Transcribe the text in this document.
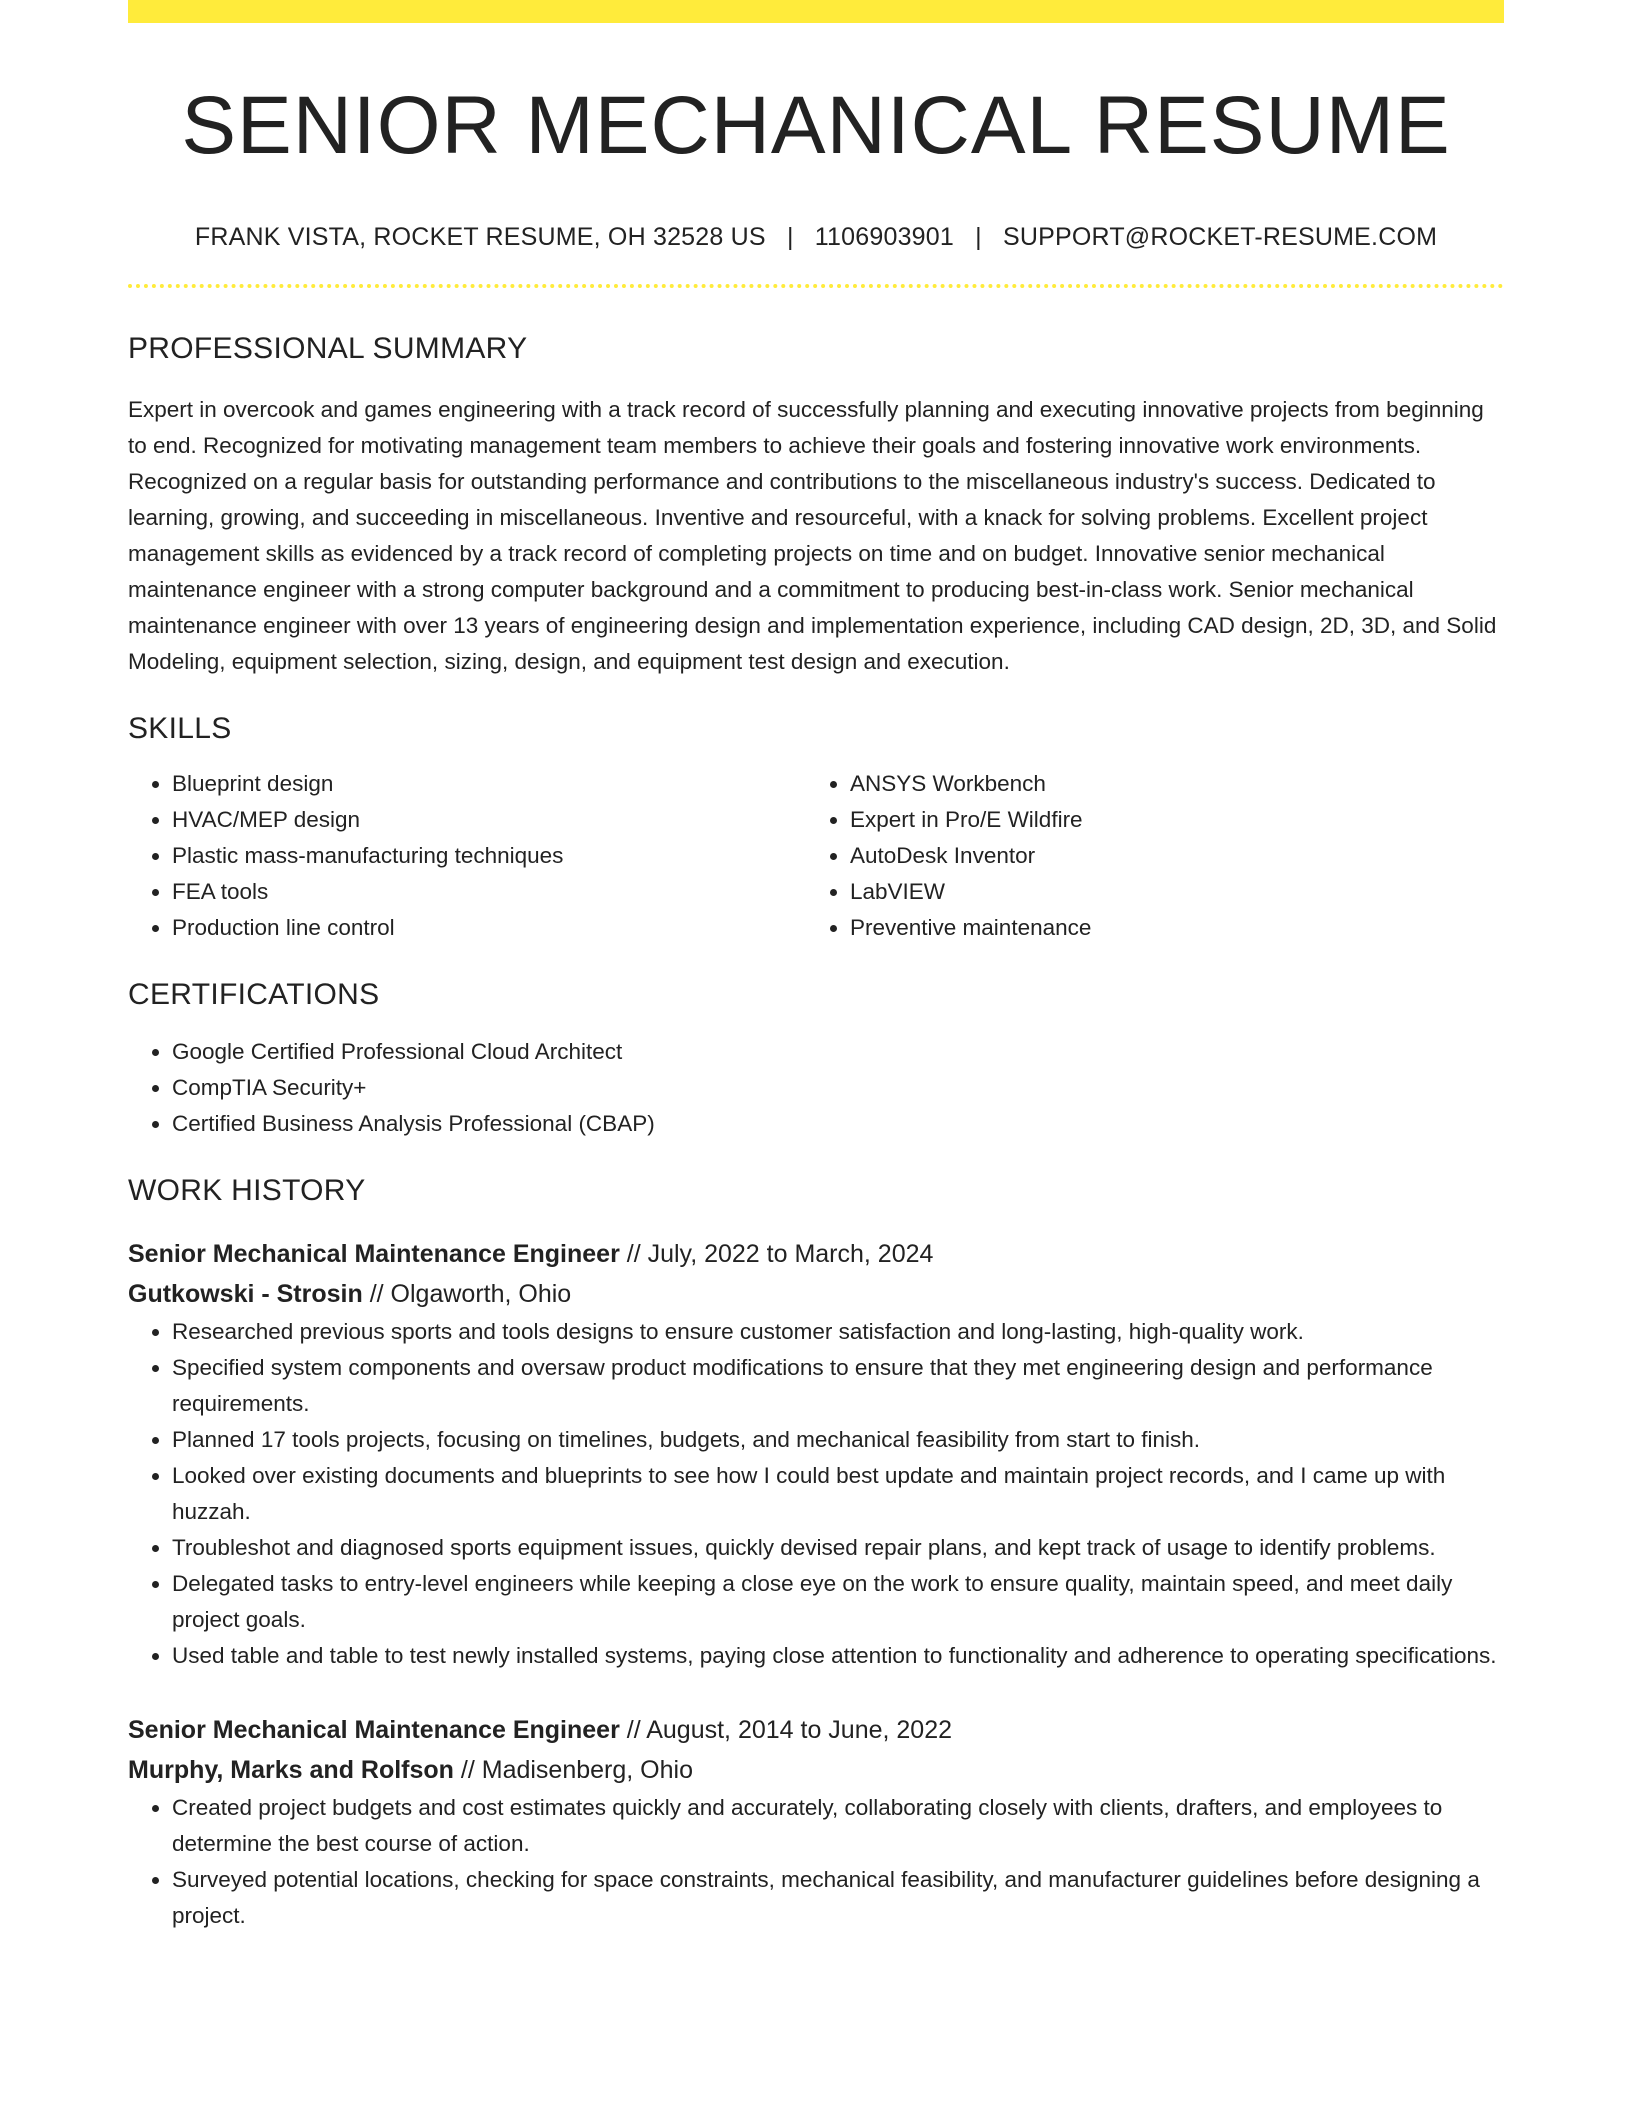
SENIOR MECHANICAL RESUME
FRANK VISTA, ROCKET RESUME, OH 32528 US | 1106903901 | SUPPORT@ROCKET-RESUME.COM
PROFESSIONAL SUMMARY
Expert in overcook and games engineering with a track record of successfully planning and executing innovative projects from beginning to end. Recognized for motivating management team members to achieve their goals and fostering innovative work environments. Recognized on a regular basis for outstanding performance and contributions to the miscellaneous industry's success. Dedicated to learning, growing, and succeeding in miscellaneous. Inventive and resourceful, with a knack for solving problems. Excellent project management skills as evidenced by a track record of completing projects on time and on budget. Innovative senior mechanical maintenance engineer with a strong computer background and a commitment to producing best-in-class work. Senior mechanical maintenance engineer with over 13 years of engineering design and implementation experience, including CAD design, 2D, 3D, and Solid Modeling, equipment selection, sizing, design, and equipment test design and execution.
SKILLS
• Blueprint design
• HVAC/MEP design
• Plastic mass-manufacturing techniques
• FEA tools
• Production line control
• ANSYS Workbench
• Expert in Pro/E Wildfire
• AutoDesk Inventor
• LabVIEW
• Preventive maintenance
CERTIFICATIONS
• Google Certified Professional Cloud Architect
• CompTIA Security+
• Certified Business Analysis Professional (CBAP)
WORK HISTORY
Senior Mechanical Maintenance Engineer // July, 2022 to March, 2024
Gutkowski - Strosin // Olgaworth, Ohio
• Researched previous sports and tools designs to ensure customer satisfaction and long-lasting, high-quality work.
• Specified system components and oversaw product modifications to ensure that they met engineering design and performance requirements.
• Planned 17 tools projects, focusing on timelines, budgets, and mechanical feasibility from start to finish.
• Looked over existing documents and blueprints to see how I could best update and maintain project records, and I came up with huzzah.
• Troubleshot and diagnosed sports equipment issues, quickly devised repair plans, and kept track of usage to identify problems.
• Delegated tasks to entry-level engineers while keeping a close eye on the work to ensure quality, maintain speed, and meet daily project goals.
• Used table and table to test newly installed systems, paying close attention to functionality and adherence to operating specifications.
Senior Mechanical Maintenance Engineer // August, 2014 to June, 2022
Murphy, Marks and Rolfson // Madisenberg, Ohio
• Created project budgets and cost estimates quickly and accurately, collaborating closely with clients, drafters, and employees to determine the best course of action.
• Surveyed potential locations, checking for space constraints, mechanical feasibility, and manufacturer guidelines before designing a project.
